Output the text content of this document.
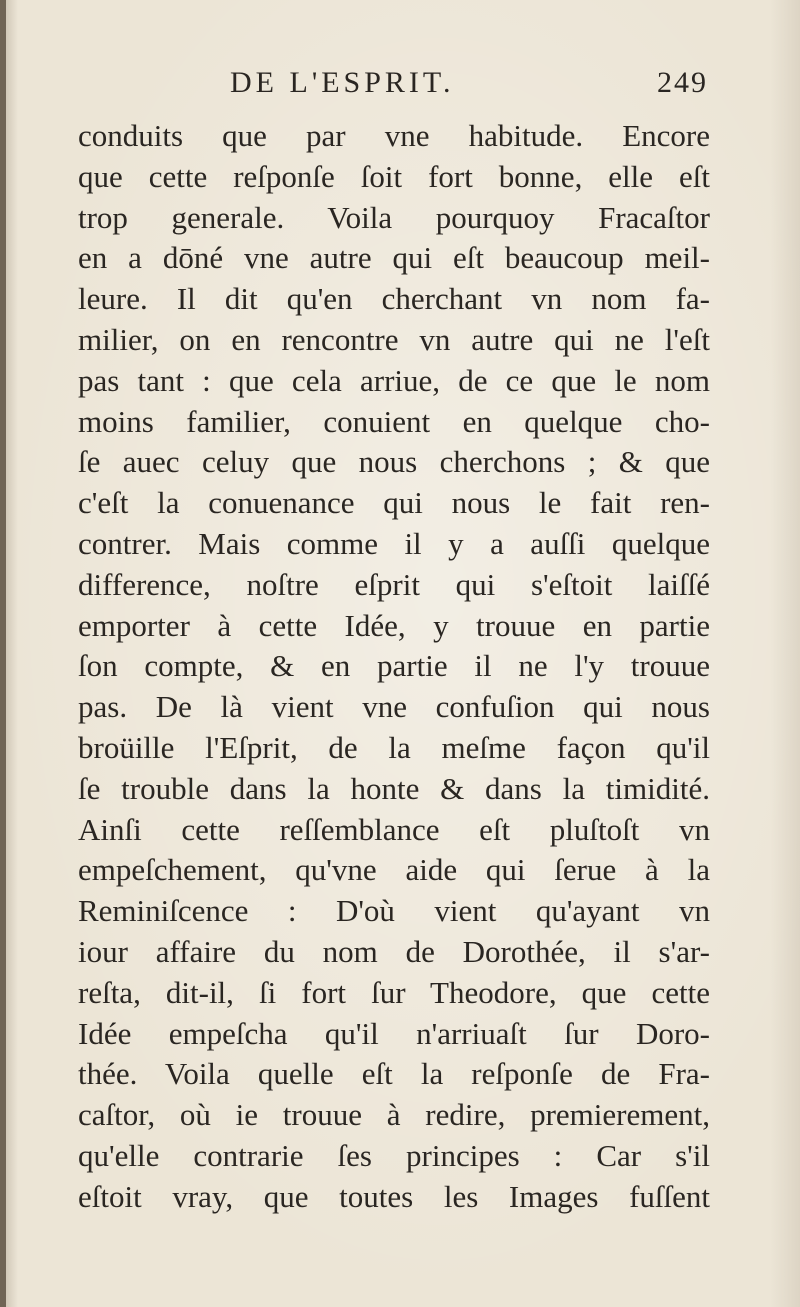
DE L'ESPRIT.	249
conduits que par vne habitude. Encore
que cette reſponſe ſoit fort bonne, elle eſt
trop generale. Voila pourquoy Fracaſtor
en a dōné vne autre qui eſt beaucoup meil-
leure. Il dit qu'en cherchant vn nom fa-
milier, on en rencontre vn autre qui ne l'eſt
pas tant : que cela arriue, de ce que le nom
moins familier, conuient en quelque cho-
ſe auec celuy que nous cherchons ; & que
c'eſt la conuenance qui nous le fait ren-
contrer. Mais comme il y a auſſi quelque
difference, noſtre eſprit qui s'eſtoit laiſſé
emporter à cette Idée, y trouue en partie
ſon compte, & en partie il ne l'y trouue
pas. De là vient vne confuſion qui nous
broüille l'Eſprit, de la meſme façon qu'il
ſe trouble dans la honte & dans la timidité.
Ainſi cette reſſemblance eſt pluſtoſt vn
empeſchement, qu'vne aide qui ſerue à la
Reminiſcence : D'où vient qu'ayant vn
iour affaire du nom de Dorothée, il s'ar-
reſta, dit-il, ſi fort ſur Theodore, que cette
Idée empeſcha qu'il n'arriuaſt ſur Doro-
thée. Voila quelle eſt la reſponſe de Fra-
caſtor, où ie trouue à redire, premierement,
qu'elle contrarie ſes principes : Car s'il
eſtoit vray, que toutes les Images fuſſent
